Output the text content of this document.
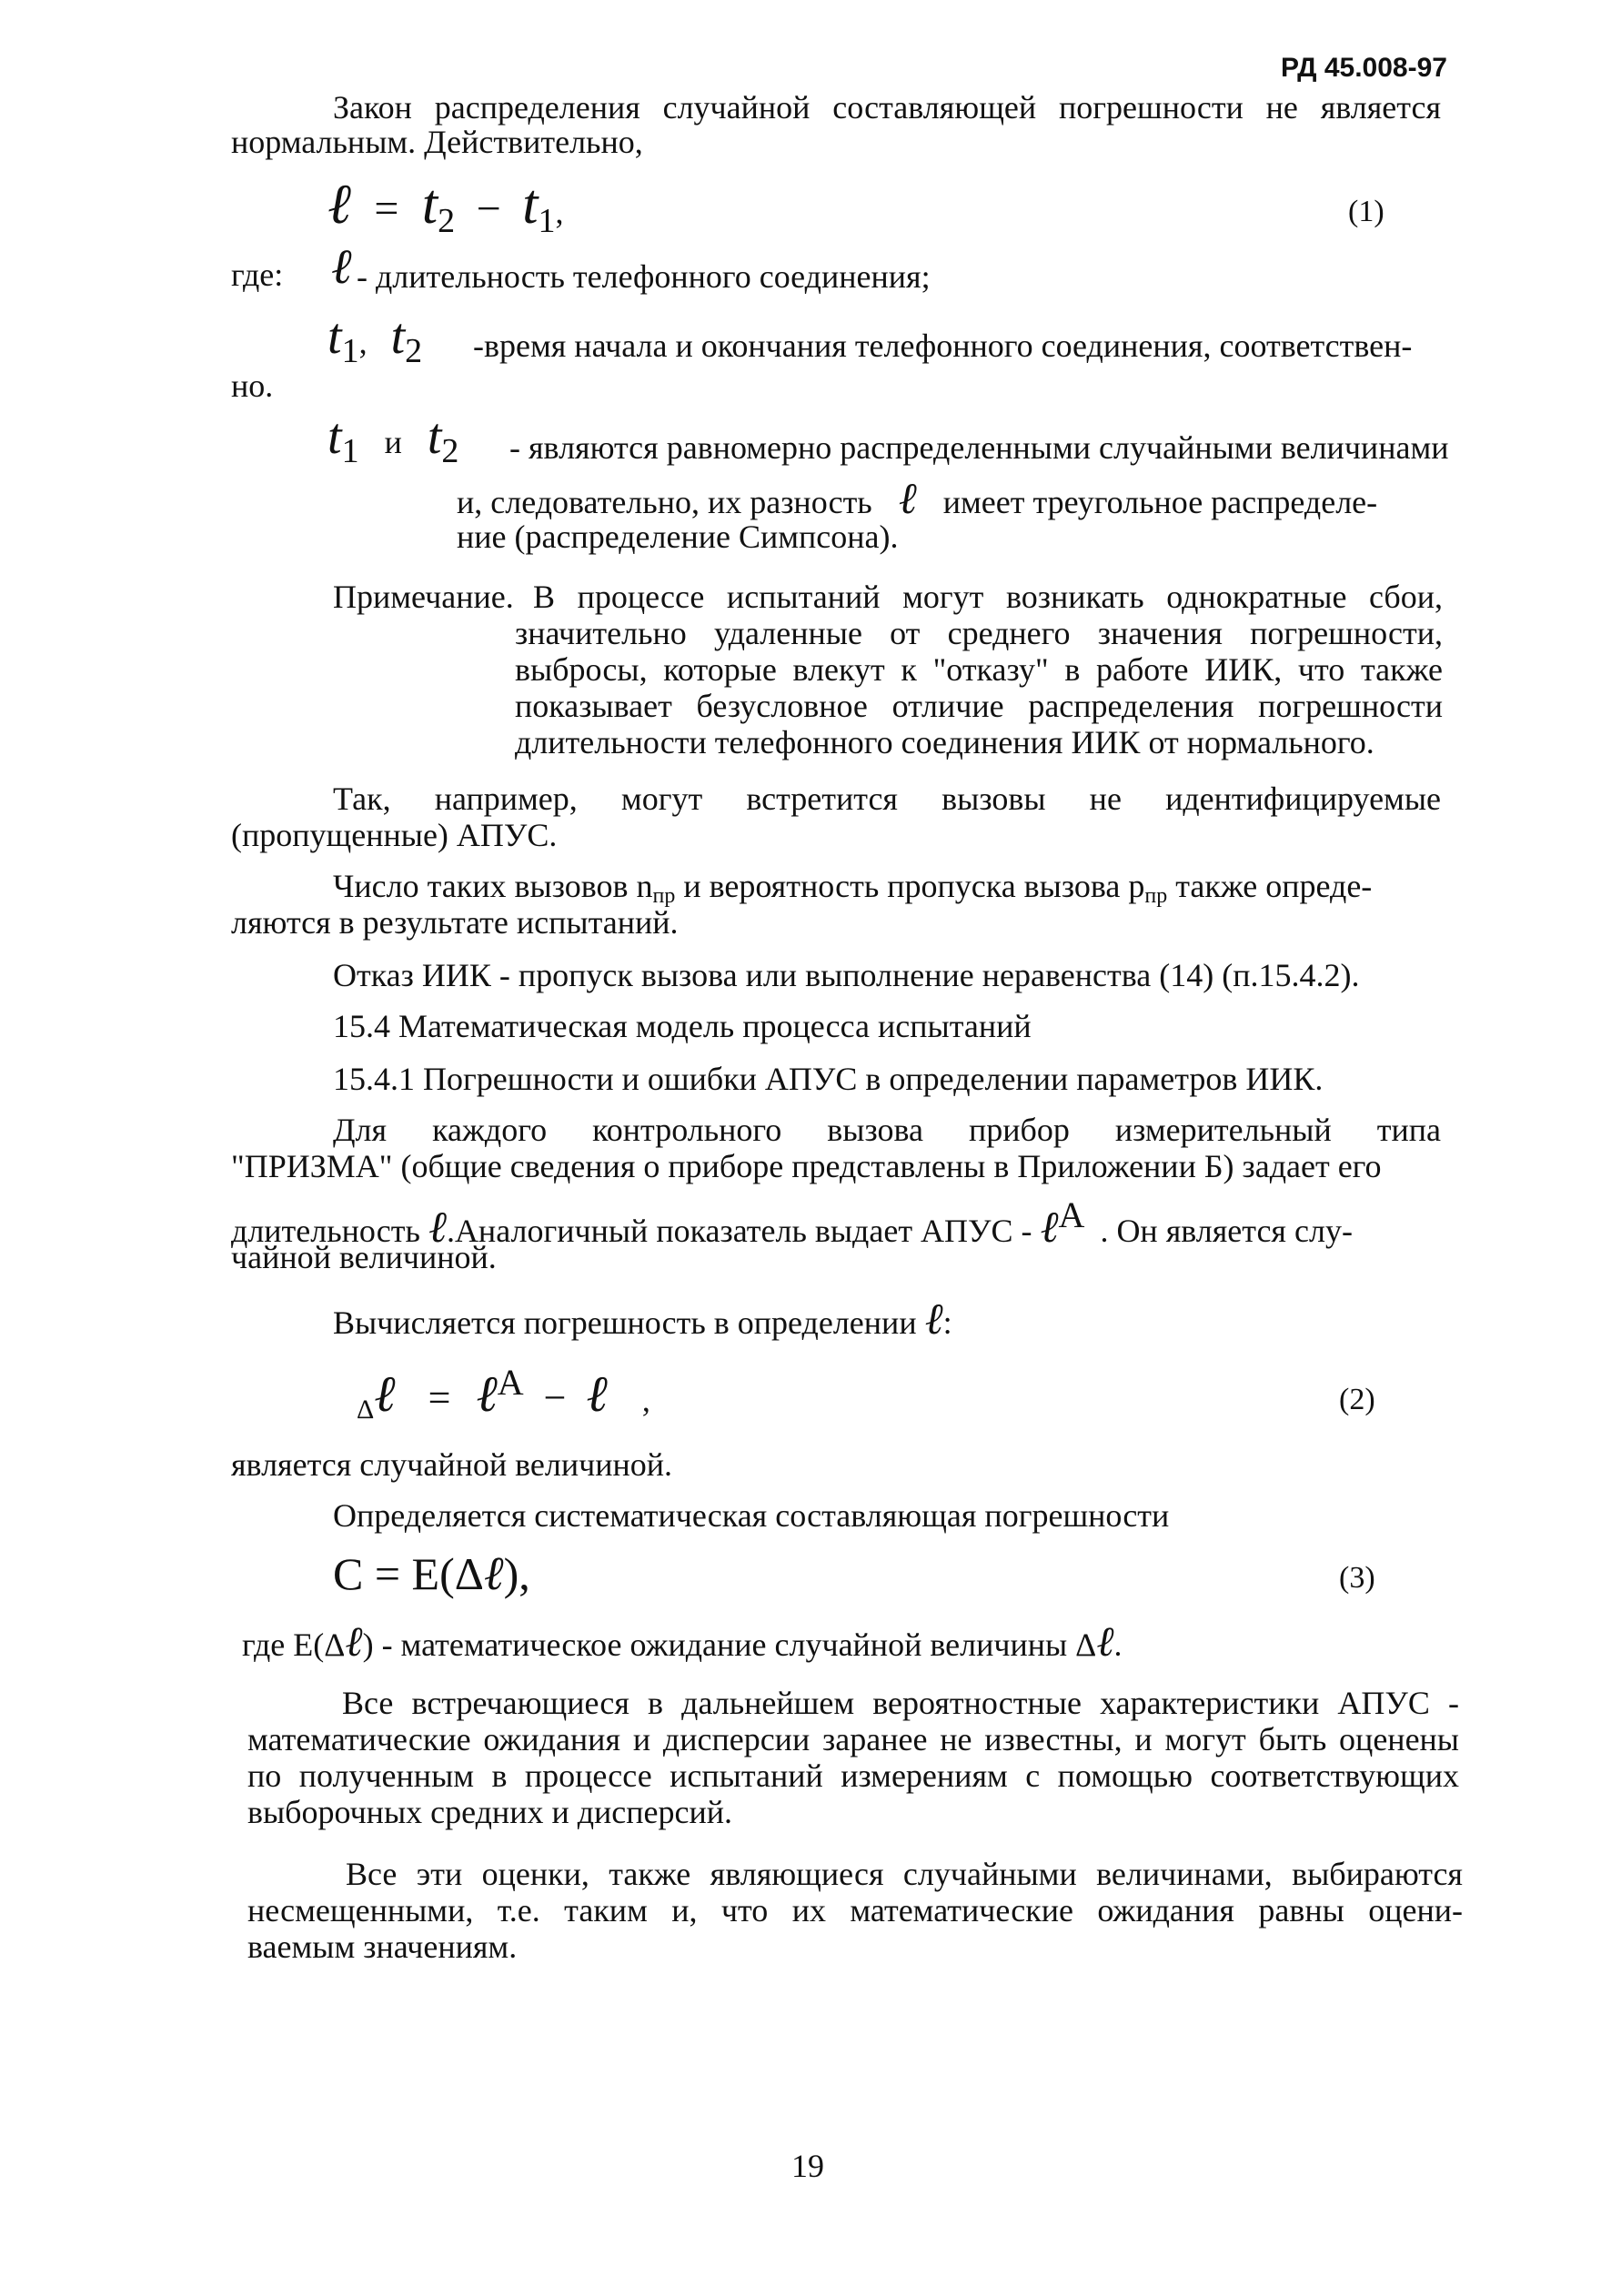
РД 45.008-97
Закон распределения случайной составляющей погрешности не является
нормальным. Действительно,
ℓ = $t_2 - t_1$,	(1)
где: ℓ - длительность телефонного соединения;
$t_1$, $t_2$ -время начала и окончания телефонного соединения, соответствен-
но.
$t_1$ и $t_2$ - являются равномерно распределенными случайными величинами
и, следовательно, их разность ℓ имеет треугольное распределе-
ние (распределение Симпсона).
Примечание. В процессе испытаний могут возникать однократные сбои,
значительно удаленные от среднего значения погрешности,
выбросы, которые влекут к "отказу" в работе ИИК, что также
показывает безусловное отличие распределения погрешности
длительности телефонного соединения ИИК от нормального.
Так, например, могут встретится вызовы не идентифицируемые
(пропущенные) АПУС.
Число таких вызовов nпр и вероятность пропуска вызова рпр также опреде-
ляются в результате испытаний.
Отказ ИИК - пропуск вызова или выполнение неравенства (14) (п.15.4.2).
15.4 Математическая модель процесса испытаний
15.4.1 Погрешности и ошибки АПУС в определении параметров ИИК.
Для каждого контрольного вызова прибор измерительный типа
"ПРИЗМА" (общие сведения о приборе представлены в Приложении Б) задает его
длительность ℓ.Аналогичный показатель выдает АПУС - ℓА . Он является слу-
чайной величиной.
Вычисляется погрешность в определении ℓ:
Δℓ = ℓ$^А$ − ℓ ,	(2)
является случайной величиной.
Определяется систематическая составляющая погрешности
C = E(Δℓ),	(3)
где E(Δℓ) - математическое ожидание случайной величины Δℓ.
Все встречающиеся в дальнейшем вероятностные характеристики АПУС -
математические ожидания и дисперсии заранее не известны, и могут быть оценены
по полученным в процессе испытаний измерениям с помощью соответствующих
выборочных средних и дисперсий.
Все эти оценки, также являющиеся случайными величинами, выбираются
несмещенными, т.е. таким и, что их математические ожидания равны оцени-
ваемым значениям.
19
